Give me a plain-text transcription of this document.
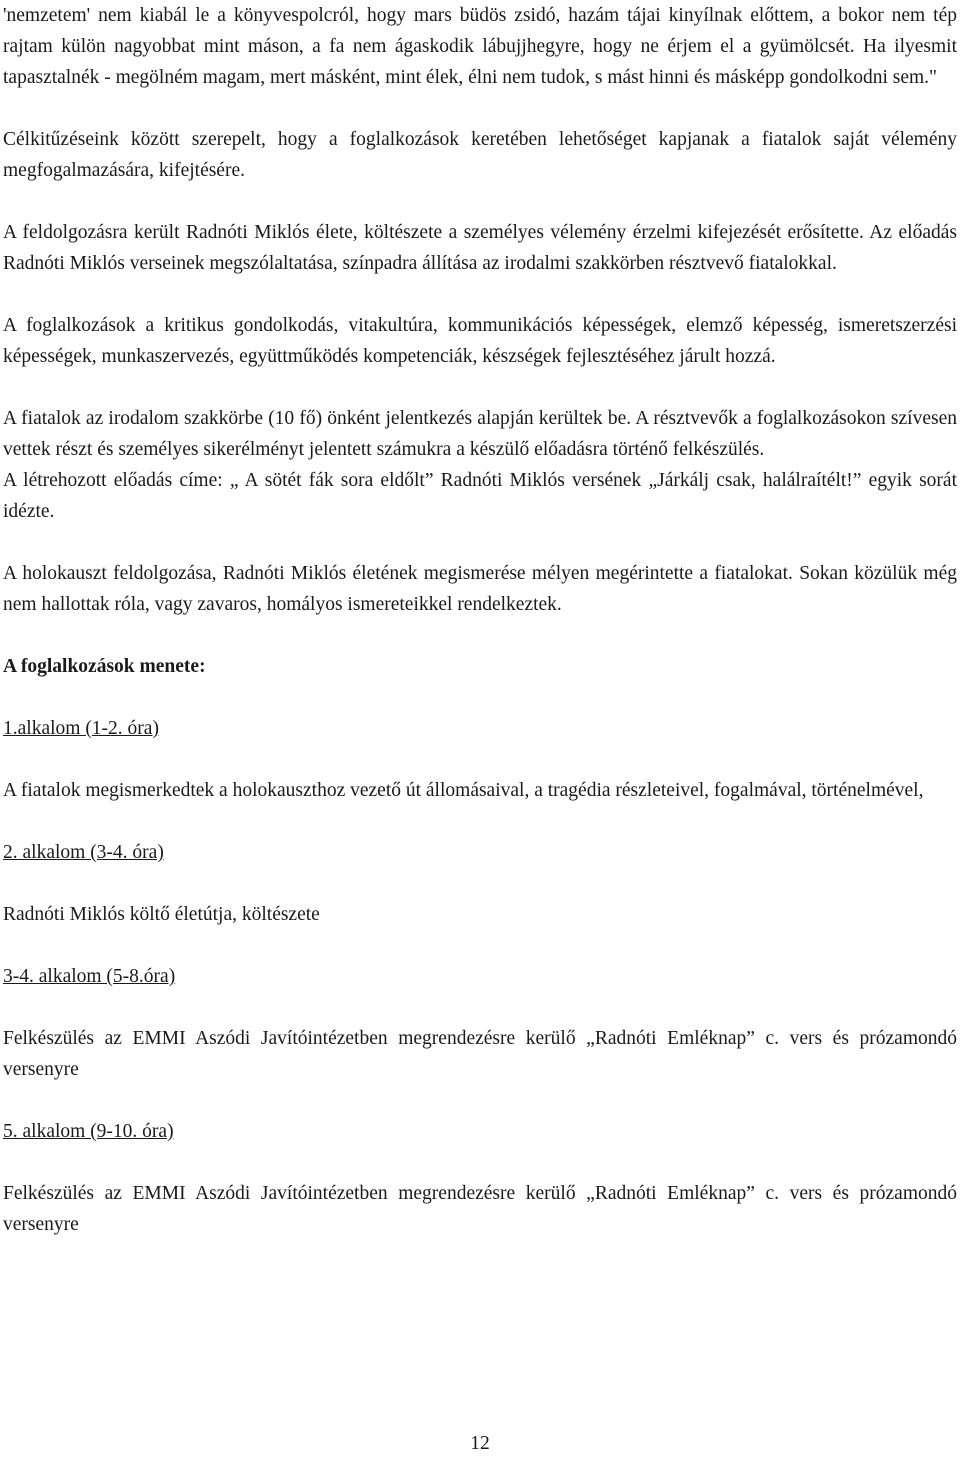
'nemzetem' nem kiabál le a könyvespolcról, hogy mars büdös zsidó, hazám tájai kinyílnak előttem, a bokor nem tép rajtam külön nagyobbat mint máson, a fa nem ágaskodik lábujjhegyre, hogy ne érjem el a gyümölcsét. Ha ilyesmit tapasztalnék - megölném magam, mert másként, mint élek, élni nem tudok, s mást hinni és másképp gondolkodni sem."

Célkitűzéseink között szerepelt, hogy a foglalkozások keretében lehetőséget kapjanak a fiatalok saját vélemény megfogalmazására, kifejtésére.

A feldolgozásra került Radnóti Miklós élete, költészete a személyes vélemény érzelmi kifejezését erősítette. Az előadás Radnóti Miklós verseinek megszólaltatása, színpadra állítása az irodalmi szakkörben résztvevő fiatalokkal.

A foglalkozások a kritikus gondolkodás, vitakultúra, kommunikációs képességek, elemző képesség, ismeretszerzési képességek, munkaszervezés, együttműködés kompetenciák, készségek fejlesztéséhez járult hozzá.

A fiatalok az irodalom szakkörbe (10 fő) önként jelentkezés alapján kerültek be. A résztvevők a foglalkozásokon szívesen vettek részt és személyes sikerélményt jelentett számukra a készülő előadásra történő felkészülés.

A létrehozott előadás címe: „ A sötét fák sora eldőlt” Radnóti Miklós versének „Járkálj csak, halálraítélt!” egyik sorát idézte.

A holokauszt feldolgozása, Radnóti Miklós életének megismerése mélyen megérintette a fiatalokat. Sokan közülük még nem hallottak róla, vagy zavaros, homályos ismereteikkel rendelkeztek.

A foglalkozások menete:

1.alkalom (1-2. óra)

A fiatalok megismerkedtek a holokauszthoz vezető út állomásaival, a tragédia részleteivel, fogalmával, történelmével,

2. alkalom (3-4. óra)

Radnóti Miklós költő életútja, költészete

3-4. alkalom (5-8.óra)

Felkészülés az EMMI Aszódi Javítóintézetben megrendezésre kerülő „Radnóti Emléknap” c. vers és prózamondó versenyre

5. alkalom (9-10. óra)

Felkészülés az EMMI Aszódi Javítóintézetben megrendezésre kerülő „Radnóti Emléknap” c. vers és prózamondó versenyre

12
